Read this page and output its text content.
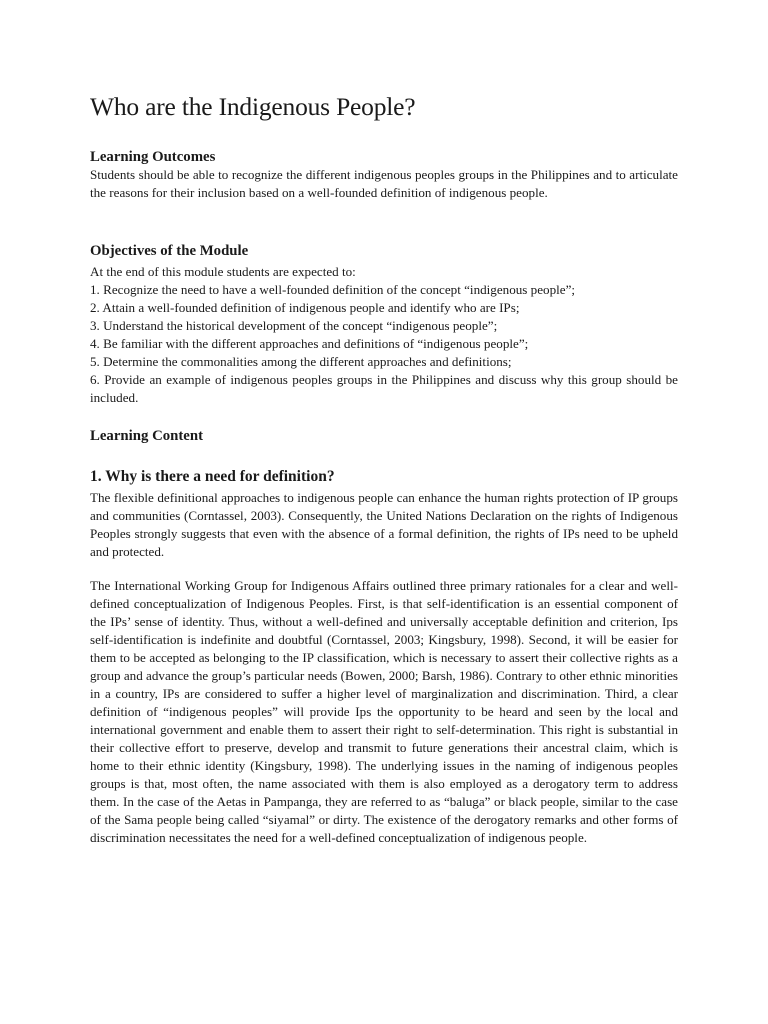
Who are the Indigenous People?
Learning Outcomes

Students should be able to recognize the different indigenous peoples groups in the Philippines and to articulate the reasons for their inclusion based on a well-founded definition of indigenous people.

Objectives of the Module
At the end of this module students are expected to:
1. Recognize the need to have a well-founded definition of the concept “indigenous people”;
2. Attain a well-founded definition of indigenous people and identify who are IPs;
3. Understand the historical development of the concept “indigenous people”;
4. Be familiar with the different approaches and definitions of “indigenous people”;
5. Determine the commonalities among the different approaches and definitions;
6. Provide an example of indigenous peoples groups in the Philippines and discuss why this group should be included.
Learning Content
1. Why is there a need for definition?

The flexible definitional approaches to indigenous people can enhance the human rights protection of IP groups and communities (Corntassel, 2003). Consequently, the United Nations Declaration on the rights of Indigenous Peoples strongly suggests that even with the absence of a formal definition, the rights of IPs need to be upheld and protected.

The International Working Group for Indigenous Affairs outlined three primary rationales for a clear and well-defined conceptualization of Indigenous Peoples. First, is that self-identification is an essential component of the IPs’ sense of identity. Thus, without a well-defined and universally acceptable definition and criterion, Ips self-identification is indefinite and doubtful (Corntassel, 2003; Kingsbury, 1998). Second, it will be easier for them to be accepted as belonging to the IP classification, which is necessary to assert their collective rights as a group and advance the group’s particular needs (Bowen, 2000; Barsh, 1986). Contrary to other ethnic minorities in a country, IPs are considered to suffer a higher level of marginalization and discrimination. Third, a clear definition of “indigenous peoples” will provide Ips the opportunity to be heard and seen by the local and international government and enable them to assert their right to self-determination. This right is substantial in their collective effort to preserve, develop and transmit to future generations their ancestral claim, which is home to their ethnic identity (Kingsbury, 1998). The underlying issues in the naming of indigenous peoples groups is that, most often, the name associated with them is also employed as a derogatory term to address them. In the case of the Aetas in Pampanga, they are referred to as “baluga” or black people, similar to the case of the Sama people being called “siyamal” or dirty. The existence of the derogatory remarks and other forms of discrimination necessitates the need for a well-defined conceptualization of indigenous people.
